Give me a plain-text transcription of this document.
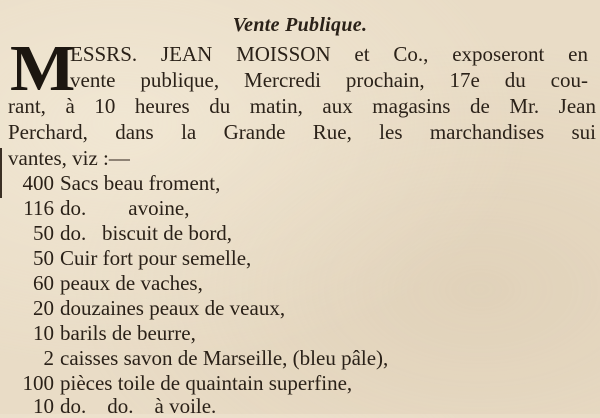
Vente Publique.
M
ESSRS. JEAN MOISSON et Co., exposeront en
vente publique, Mercredi prochain, 17e du cou-
rant, à 10 heures du matin, aux magasins de Mr. Jean
Perchard, dans la Grande Rue, les marchandises sui
vantes, viz :—
400 Sacs beau froment,
116 do.        avoine,
50 do.   biscuit de bord,
50 Cuir fort pour semelle,
60 peaux de vaches,
20 douzaines peaux de veaux,
10 barils de beurre,
2 caisses savon de Marseille, (bleu pâle),
100 pièces toile de quaintain superfine,
10 do.    do.    à voile.
